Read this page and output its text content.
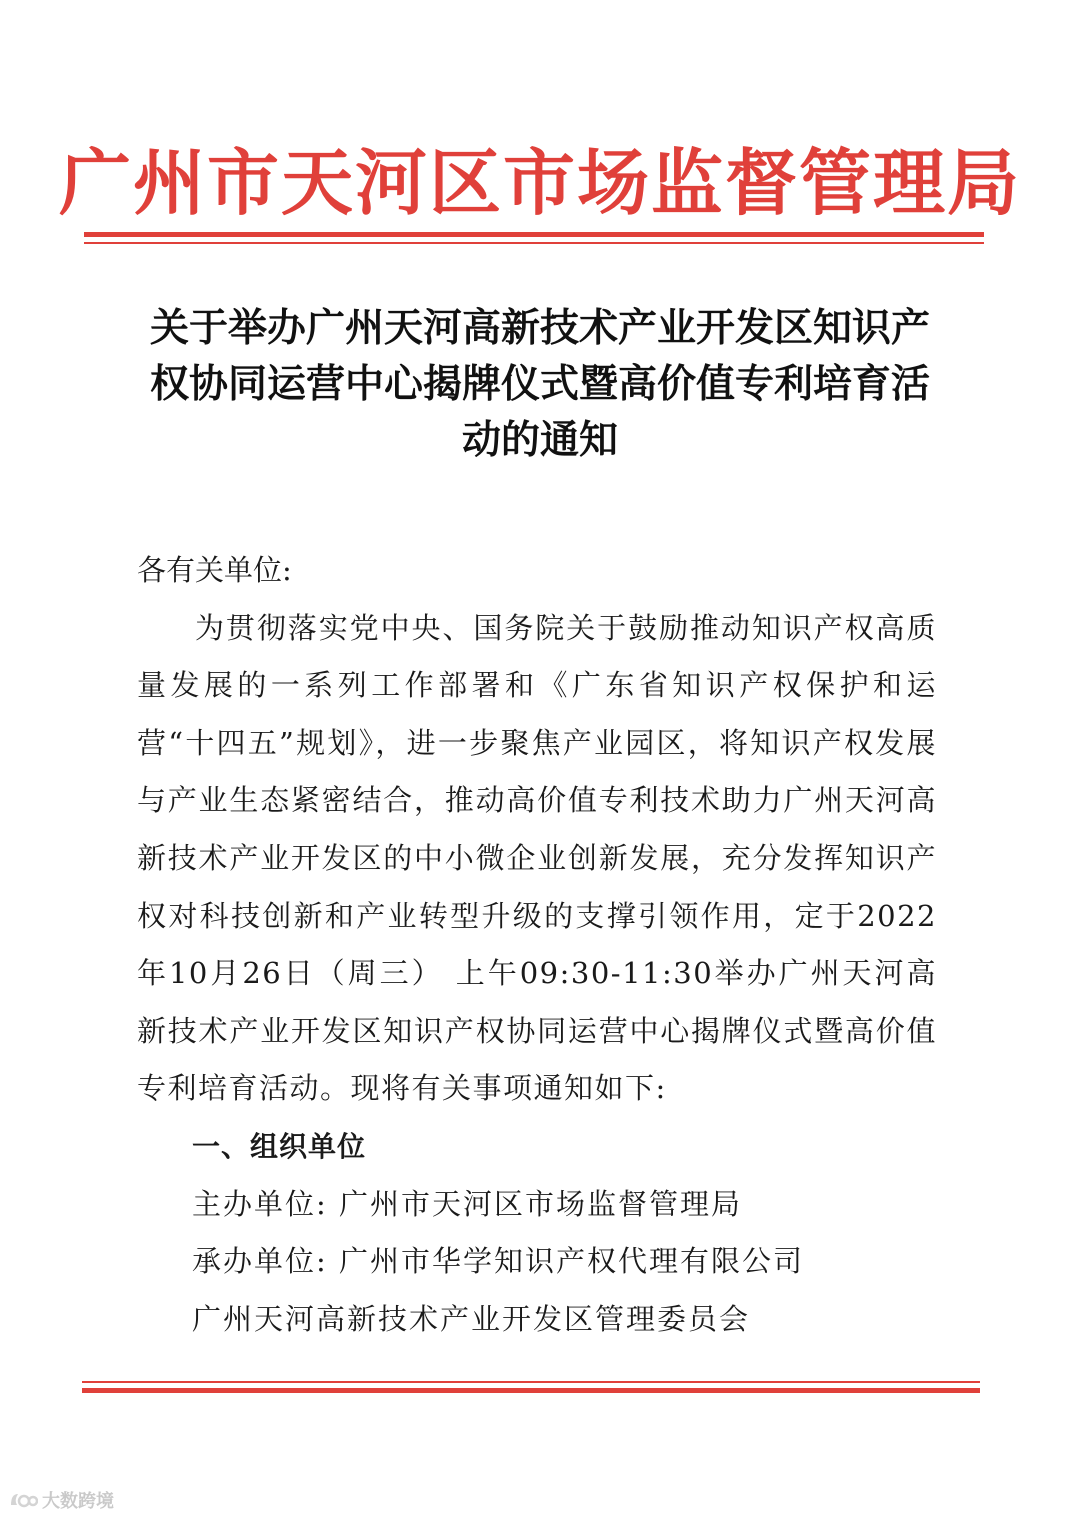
广州市天河区市场监督管理局
关于举办广州天河高新技术产业开发区知识产
权协同运营中心揭牌仪式暨高价值专利培育活
动的通知

各有关单位:

为贯彻落实党中央、国务院关于鼓励推动知识产权高质量发展的一系列工作部署和《广东省知识产权保护和运营“十四五”规划》，进一步聚焦产业园区，将知识产权发展与产业生态紧密结合，推动高价值专利技术助力广州天河高新技术产业开发区的中小微企业创新发展，充分发挥知识产权对科技创新和产业转型升级的支撑引领作用，定于2022年10月26日（周三） 上午09:30-11:30举办广州天河高新技术产业开发区知识产权协同运营中心揭牌仪式暨高价值专利培育活动。现将有关事项通知如下:

一、组织单位

主办单位: 广州市天河区市场监督管理局

承办单位: 广州市华学知识产权代理有限公司

广州天河高新技术产业开发区管理委员会

大数跨境
